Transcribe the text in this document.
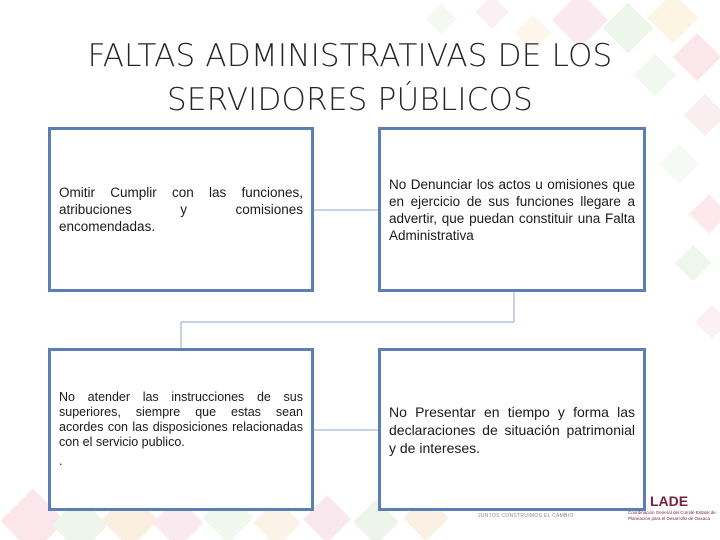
FALTAS ADMINISTRATIVAS DE LOS
SERVIDORES PÚBLICOS

Omitir Cumplir con las funciones, atribuciones y comisiones encomendadas.

No Denunciar los actos u omisiones que en ejercicio de sus funciones llegare a advertir, que puedan constituir una Falta Administrativa

No atender las instrucciones de sus superiores, siempre que estas sean acordes con las disposiciones relacionadas con el servicio publico.

.

No Presentar en tiempo y forma las declaraciones de situación patrimonial y de intereses.

JUNTOS CONSTRUIMOS EL CAMBIO
LADE
Coordinación General del Comité Estatal de Planeación para el Desarrollo de Oaxaca
